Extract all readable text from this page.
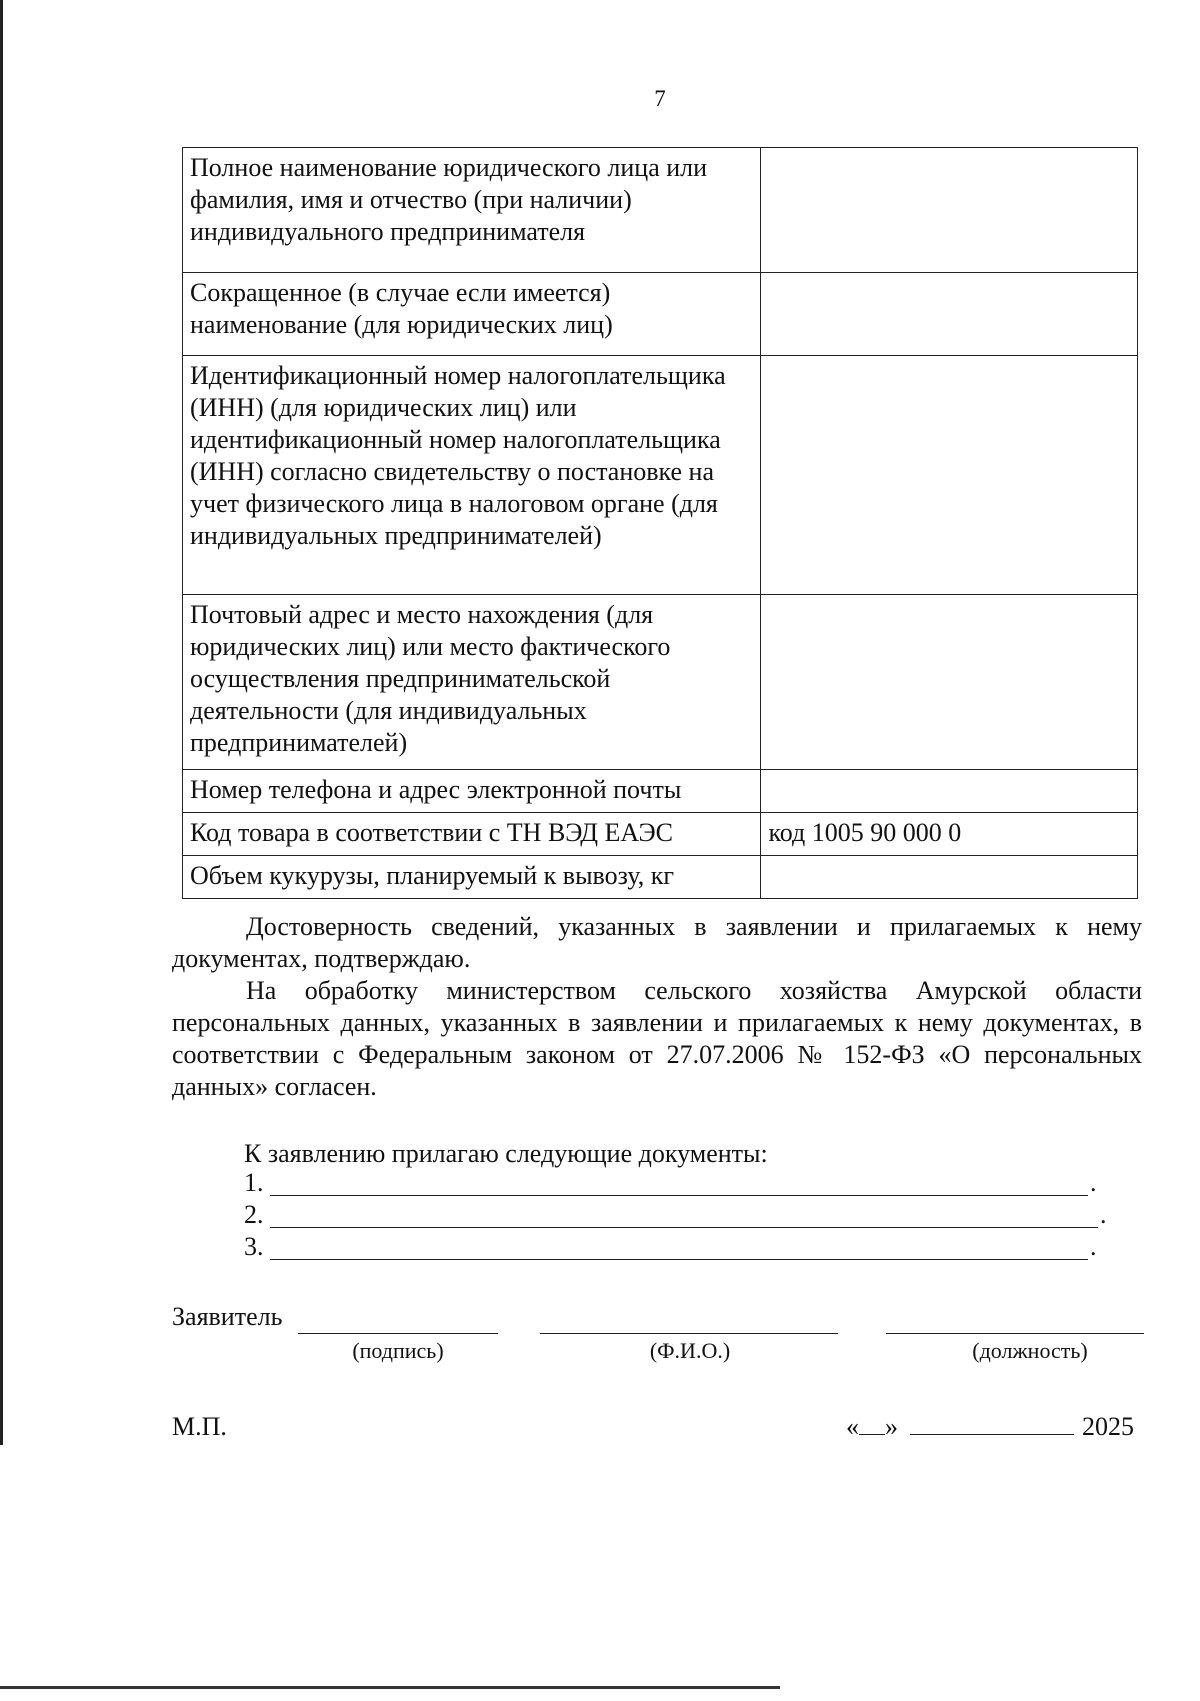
7
Полное наименование юридического лица или фамилия, имя и отчество (при наличии) индивидуального предпринимателя	
Сокращенное (в случае если имеется) наименование (для юридических лиц)	
Идентификационный номер налогоплательщика (ИНН) (для юридических лиц) или идентификационный номер налогоплательщика (ИНН) согласно свидетельству о постановке на учет физического лица в налоговом органе (для индивидуальных предпринимателей)	
Почтовый адрес и место нахождения (для юридических лиц) или место фактического осуществления предпринимательской деятельности (для индивидуальных предпринимателей)	
Номер телефона и адрес электронной почты	
Код товара в соответствии с ТН ВЭД ЕАЭС	код 1005 90 000 0
Объем кукурузы, планируемый к вывозу, кг	
Достоверность сведений, указанных в заявлении и прилагаемых к нему документах, подтверждаю.
На обработку министерством сельского хозяйства Амурской области персональных данных, указанных в заявлении и прилагаемых к нему документах, в соответствии с Федеральным законом от 27.07.2006 № 152-ФЗ «О персональных данных» согласен.
К заявлению прилагаю следующие документы:
1.	.
2.	.
3.	.
Заявитель
(подпись)	(Ф.И.О.)	(должность)
М.П.	« »	2025
